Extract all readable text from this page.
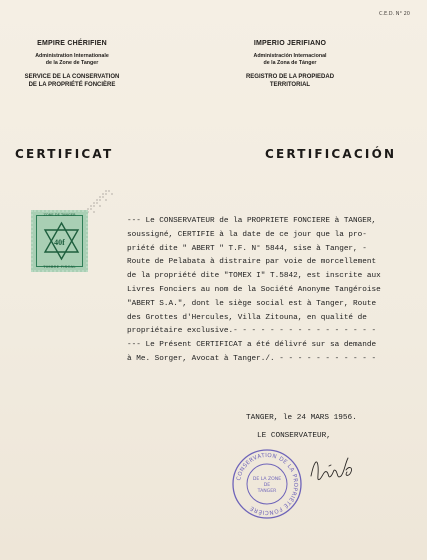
C.E.D. N° 20
EMPIRE CHÉRIFIEN
Administration Internationale
de la Zone de Tanger
SERVICE DE LA CONSERVATION
DE LA PROPRIÉTÉ FONCIÈRE
IMPERIO JERIFIANO
Administración Internacional
de la Zona de Tánger
REGISTRO DE LA PROPIEDAD
TERRITORIAL
CERTIFICAT	CERTIFICACIÓN
ZONE DE TANGER
40f
TIMBRE FISCAL
--- Le CONSERVATEUR de la PROPRIETE FONCIERE à TANGER,
soussigné, CERTIFIE à la date de ce jour que la pro-
priété dite " ABERT " T.F. N° 5844, sise à Tanger, -
Route de Pelabata à distraire par voie de morcellement
de la propriété dite "TOMEX I" T.5842, est inscrite aux
Livres Fonciers au nom de la Société Anonyme Tangéroise
"ABERT S.A.", dont le siège social est à Tanger, Route
des Grottes d'Hercules, Villa Zitouna, en qualité de
propriétaire exclusive.- - - - - - - - - - - - - - - -
--- Le Présent CERTIFICAT a été délivré sur sa demande
à Me. Sorger, Avocat à Tanger./. - - - - - - - - - - -
TANGER, le 24 MARS 1956.
LE CONSERVATEUR,
CONSERVATION DE LA PROPRIÉTÉ FONCIÈRE
DE LA ZONE
DE
TANGER
